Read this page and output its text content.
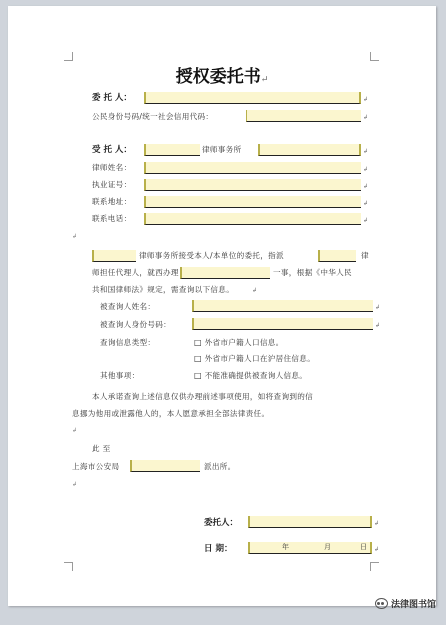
授权委托书↵
委 托 人：	↲
公民身份号码/统一社会信用代码：	↲
受 托 人：	律师事务所	↲
律师姓名：	↲
执业证号：	↲
联系地址：	↲
联系电话：	↲
↲
律师事务所接受本人/本单位的委托，指派	律
师担任代理人，就西办理	一事，根据《中华人民
共和国律师法》规定，需查询以下信息。	↲
被查询人姓名：	↲
被查询人身份号码：	↲
查询信息类型：	□ 外省市户籍人口信息。
□ 外省市户籍人口在沪居住信息。
其他事项：	□ 不能准确提供被查询人信息。
本人承诺查询上述信息仅供办理前述事项使用，如将查询到的信
息挪为他用或泄露他人的，本人愿意承担全部法律责任。
↲
此 至
上海市公安局	派出所。
↲
委托人：	↲
日 期：	年	月	日 ↲
法律图书馆
